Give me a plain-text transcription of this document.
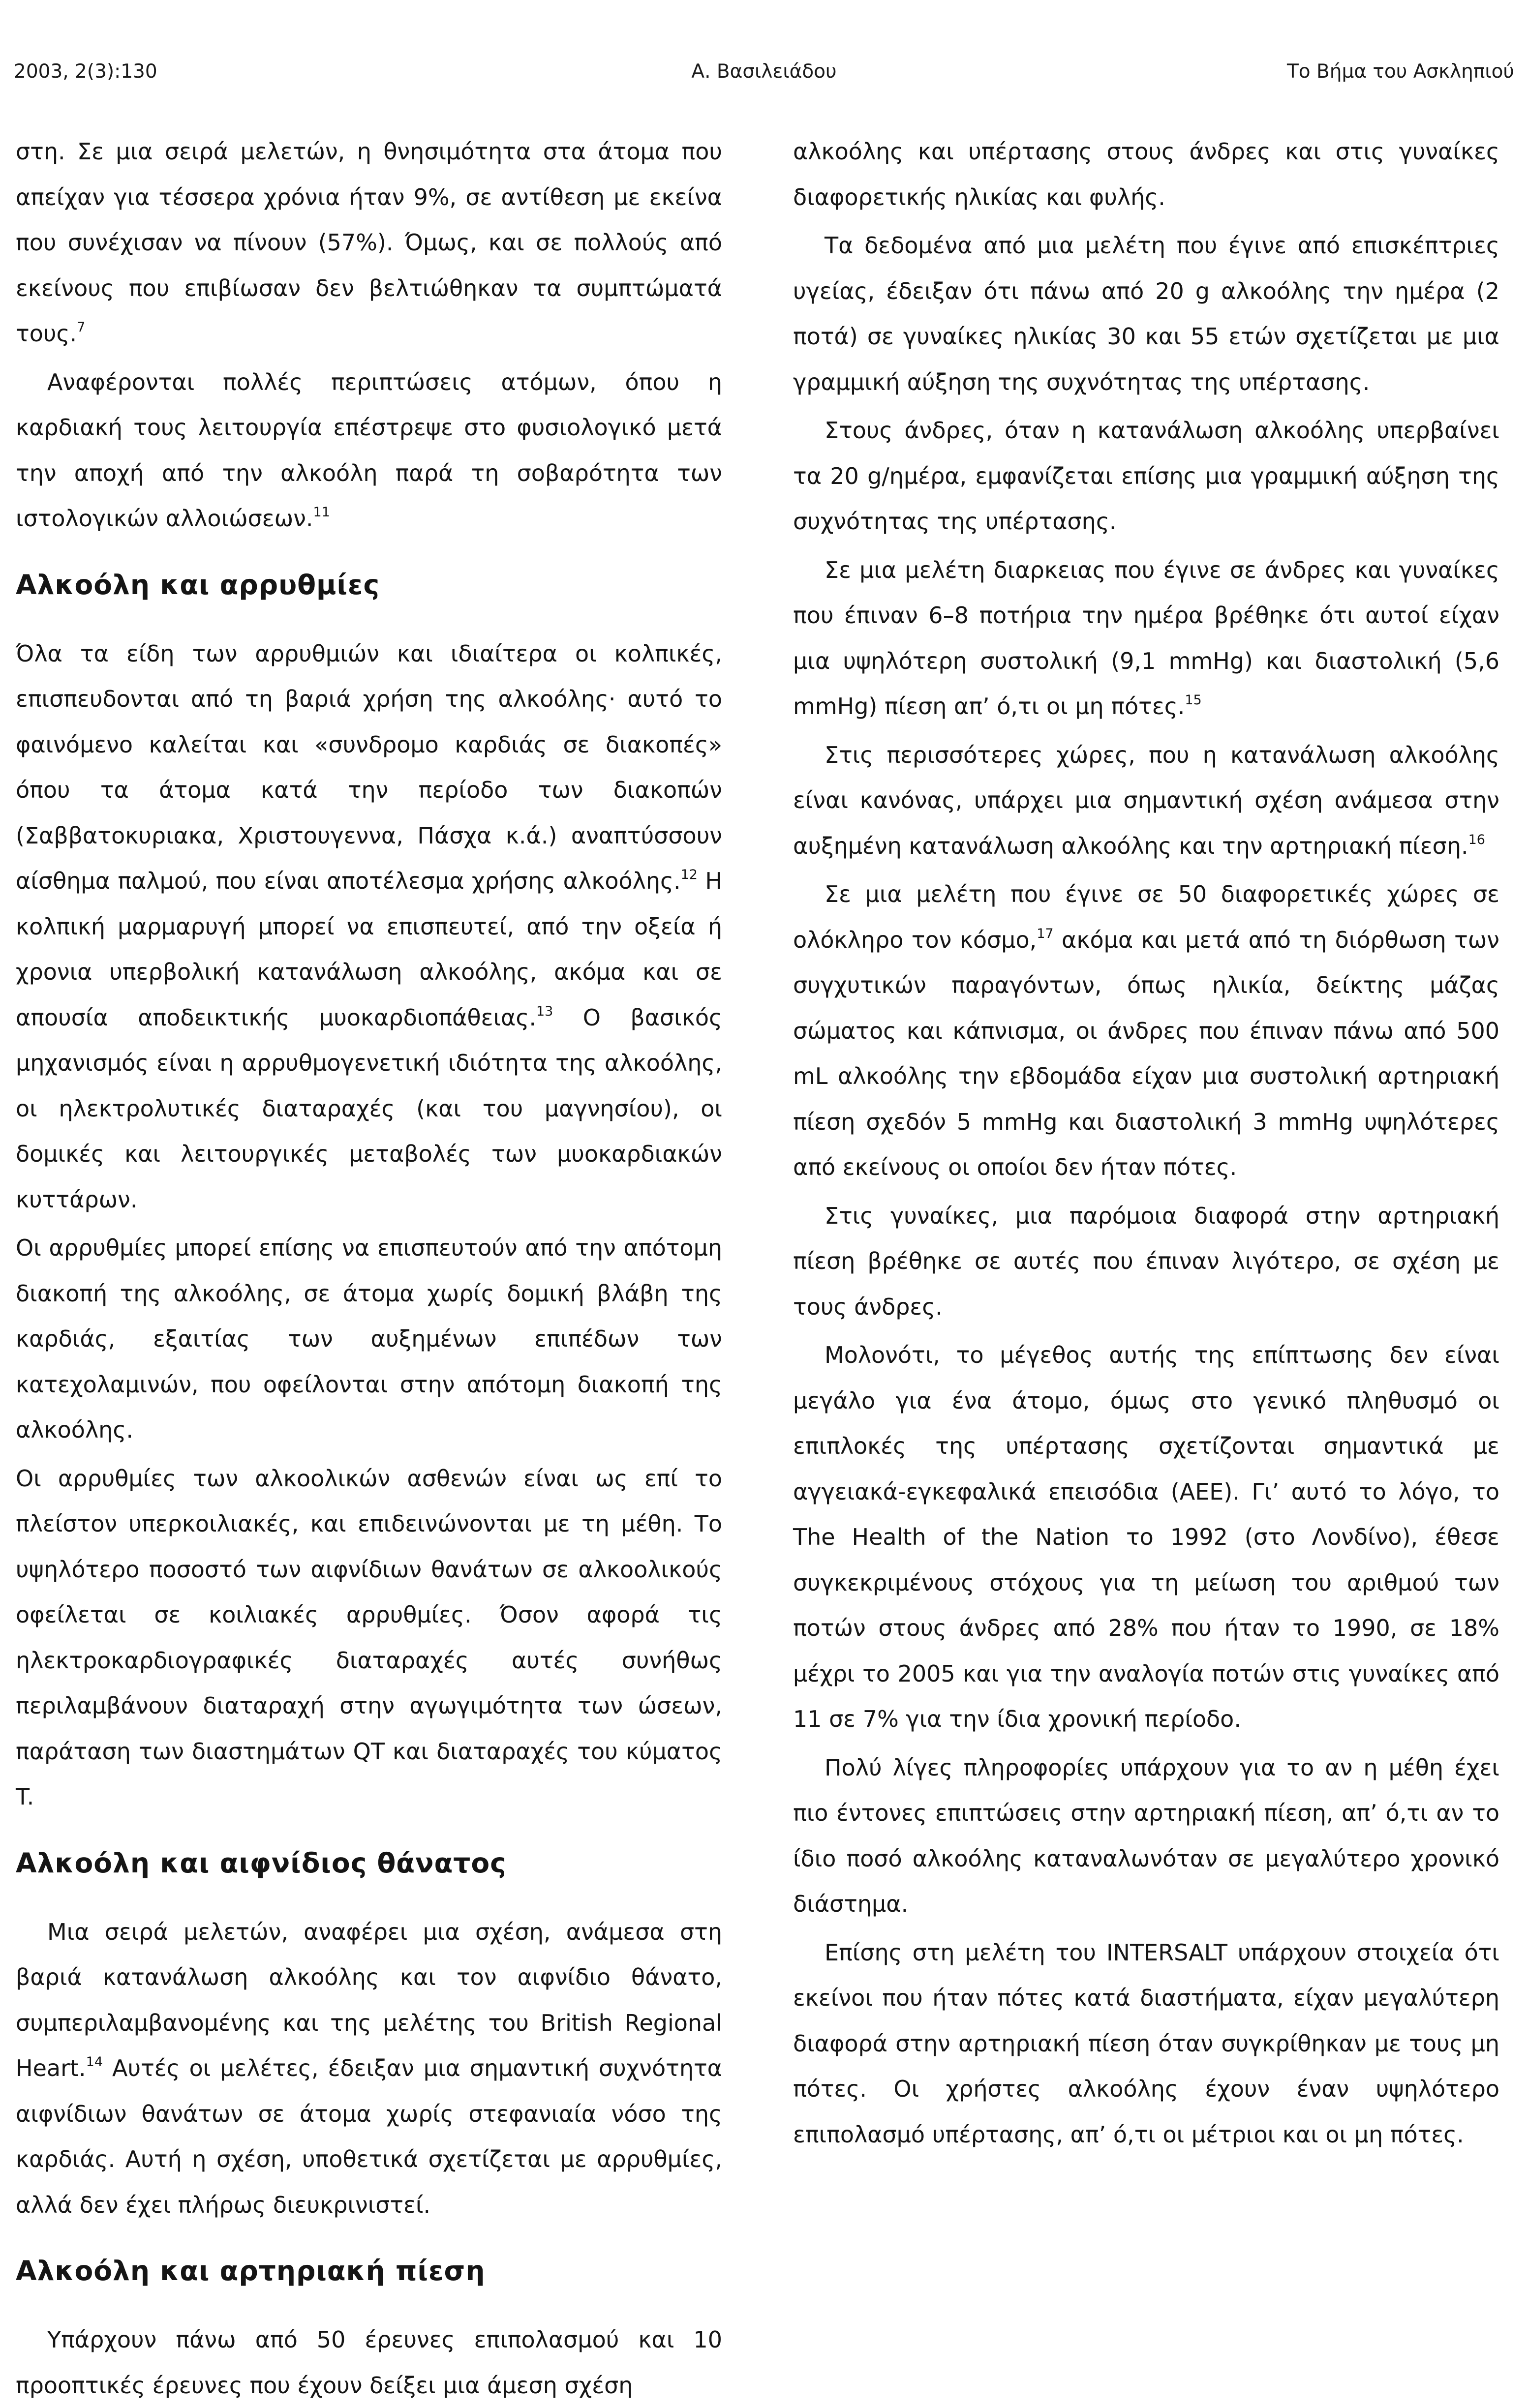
2003, 2(3):130	Α. Βασιλειάδου	Το Βήμα του Ασκληπιού

στη. Σε μια σειρά μελετών, η θνησιμότητα στα άτομα που απείχαν για τέσσερα χρόνια ήταν 9%, σε αντίθεση με εκείνα που συνέχισαν να πίνουν (57%). Όμως, και σε πολλούς από εκείνους που επιβίωσαν δεν βελτιώθηκαν τα συμπτώματά τους.$^7$

Αναφέρονται πολλές περιπτώσεις ατόμων, όπου η καρδιακή τους λειτουργία επέστρεψε στο φυσιολογικό μετά την αποχή από την αλκοόλη παρά τη σοβαρότητα των ιστολογικών αλλοιώσεων.$^{11}$

Αλκοόλη και αρρυθμίες

Όλα τα είδη των αρρυθμιών και ιδιαίτερα οι κολπικές, επισπευδονται από τη βαριά χρήση της αλκοόλης· αυτό το φαινόμενο καλείται και «συνδρομο καρδιάς σε διακοπές» όπου τα άτομα κατά την περίοδο των διακοπών (Σαββατοκυριακα, Χριστουγεννα, Πάσχα κ.ά.) αναπτύσσουν αίσθημα παλμού, που είναι αποτέλεσμα χρήσης αλκοόλης.$^{12}$ Η κολπική μαρμαρυγή μπορεί να επισπευτεί, από την οξεία ή χρονια υπερβολική κατανάλωση αλκοόλης, ακόμα και σε απουσία αποδεικτικής μυοκαρδιοπάθειας.$^{13}$ Ο βασικός μηχανισμός είναι η αρρυθμογενετική ιδιότητα της αλκοόλης, οι ηλεκτρολυτικές διαταραχές (και του μαγνησίου), οι δομικές και λειτουργικές μεταβολές των μυοκαρδιακών κυττάρων.

Οι αρρυθμίες μπορεί επίσης να επισπευτούν από την απότομη διακοπή της αλκοόλης, σε άτομα χωρίς δομική βλάβη της καρδιάς, εξαιτίας των αυξημένων επιπέδων των κατεχολαμινών, που οφείλονται στην απότομη διακοπή της αλκοόλης.

Οι αρρυθμίες των αλκοολικών ασθενών είναι ως επί το πλείστον υπερκοιλιακές, και επιδεινώνονται με τη μέθη. Το υψηλότερο ποσοστό των αιφνίδιων θανάτων σε αλκοολικούς οφείλεται σε κοιλιακές αρρυθμίες. Όσον αφορά τις ηλεκτροκαρδιογραφικές διαταραχές αυτές συνήθως περιλαμβάνουν διαταραχή στην αγωγιμότητα των ώσεων, παράταση των διαστημάτων QT και διαταραχές του κύματος T.

Αλκοόλη και αιφνίδιος θάνατος

Μια σειρά μελετών, αναφέρει μια σχέση, ανάμεσα στη βαριά κατανάλωση αλκοόλης και τον αιφνίδιο θάνατο, συμπεριλαμβανομένης και της μελέτης του British Regional Heart.$^{14}$ Αυτές οι μελέτες, έδειξαν μια σημαντική συχνότητα αιφνίδιων θανάτων σε άτομα χωρίς στεφανιαία νόσο της καρδιάς. Αυτή η σχέση, υποθετικά σχετίζεται με αρρυθμίες, αλλά δεν έχει πλήρως διευκρινιστεί.

Αλκοόλη και αρτηριακή πίεση

Υπάρχουν πάνω από 50 έρευνες επιπολασμού και 10 προοπτικές έρευνες που έχουν δείξει μια άμεση σχέση

αλκοόλης και υπέρτασης στους άνδρες και στις γυναίκες διαφορετικής ηλικίας και φυλής.

Τα δεδομένα από μια μελέτη που έγινε από επισκέπτριες υγείας, έδειξαν ότι πάνω από 20 g αλκοόλης την ημέρα (2 ποτά) σε γυναίκες ηλικίας 30 και 55 ετών σχετίζεται με μια γραμμική αύξηση της συχνότητας της υπέρτασης.

Στους άνδρες, όταν η κατανάλωση αλκοόλης υπερβαίνει τα 20 g/ημέρα, εμφανίζεται επίσης μια γραμμική αύξηση της συχνότητας της υπέρτασης.

Σε μια μελέτη διαρκειας που έγινε σε άνδρες και γυναίκες που έπιναν 6–8 ποτήρια την ημέρα βρέθηκε ότι αυτοί είχαν μια υψηλότερη συστολική (9,1 mmHg) και διαστολική (5,6 mmHg) πίεση απ’ ό,τι οι μη πότες.$^{15}$

Στις περισσότερες χώρες, που η κατανάλωση αλκοόλης είναι κανόνας, υπάρχει μια σημαντική σχέση ανάμεσα στην αυξημένη κατανάλωση αλκοόλης και την αρτηριακή πίεση.$^{16}$

Σε μια μελέτη που έγινε σε 50 διαφορετικές χώρες σε ολόκληρο τον κόσμο,$^{17}$ ακόμα και μετά από τη διόρθωση των συγχυτικών παραγόντων, όπως ηλικία, δείκτης μάζας σώματος και κάπνισμα, οι άνδρες που έπιναν πάνω από 500 mL αλκοόλης την εβδομάδα είχαν μια συστολική αρτηριακή πίεση σχεδόν 5 mmHg και διαστολική 3 mmHg υψηλότερες από εκείνους οι οποίοι δεν ήταν πότες.

Στις γυναίκες, μια παρόμοια διαφορά στην αρτηριακή πίεση βρέθηκε σε αυτές που έπιναν λιγότερο, σε σχέση με τους άνδρες.

Μολονότι, το μέγεθος αυτής της επίπτωσης δεν είναι μεγάλο για ένα άτομο, όμως στο γενικό πληθυσμό οι επιπλοκές της υπέρτασης σχετίζονται σημαντικά με αγγειακά-εγκεφαλικά επεισόδια (ΑΕΕ). Γι’ αυτό το λόγο, το The Health of the Nation το 1992 (στο Λονδίνο), έθεσε συγκεκριμένους στόχους για τη μείωση του αριθμού των ποτών στους άνδρες από 28% που ήταν το 1990, σε 18% μέχρι το 2005 και για την αναλογία ποτών στις γυναίκες από 11 σε 7% για την ίδια χρονική περίοδο.

Πολύ λίγες πληροφορίες υπάρχουν για το αν η μέθη έχει πιο έντονες επιπτώσεις στην αρτηριακή πίεση, απ’ ό,τι αν το ίδιο ποσό αλκοόλης καταναλωνόταν σε μεγαλύτερο χρονικό διάστημα.

Επίσης στη μελέτη του INTERSALT υπάρχουν στοιχεία ότι εκείνοι που ήταν πότες κατά διαστήματα, είχαν μεγαλύτερη διαφορά στην αρτηριακή πίεση όταν συγκρίθηκαν με τους μη πότες. Οι χρήστες αλκοόλης έχουν έναν υψηλότερο επιπολασμό υπέρτασης, απ’ ό,τι οι μέτριοι και οι μη πότες.
